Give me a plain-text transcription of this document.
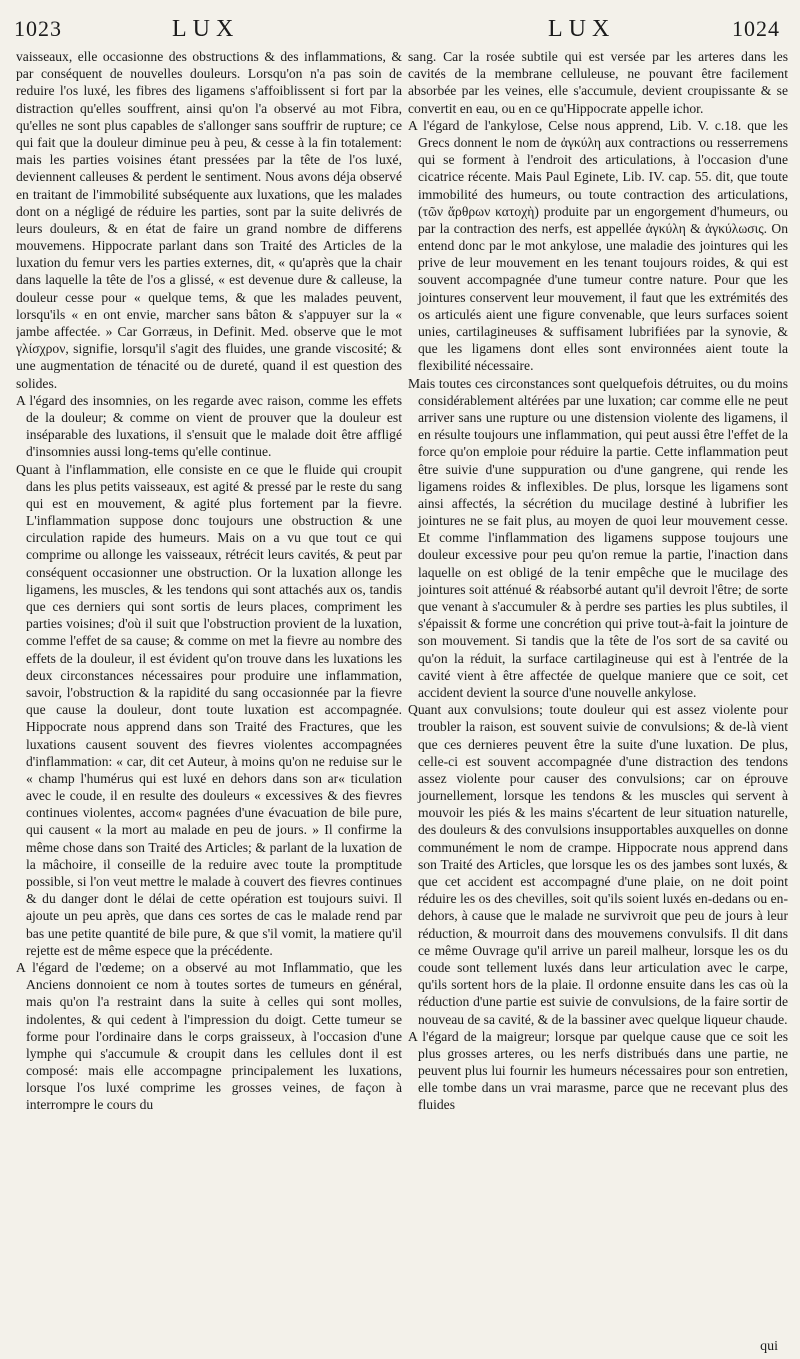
1023	LUX	LUX	1024

vaisseaux, elle occasionne des obstructions & des inflammations, & par conséquent de nouvelles douleurs. Lorsqu'on n'a pas soin de reduire l'os luxé, les fibres des ligamens s'affoiblissent si fort par la distraction qu'elles souffrent, ainsi qu'on l'a observé au mot Fibra, qu'elles ne sont plus capables de s'allonger sans souffrir de rupture; ce qui fait que la douleur diminue peu à peu, & cesse à la fin totalement: mais les parties voisines étant pressées par la tête de l'os luxé, deviennent calleuses & perdent le sentiment. Nous avons déja observé en traitant de l'immobilité subséquente aux luxations, que les malades dont on a négligé de réduire les parties, sont par la suite delivrés de leurs douleurs, & en état de faire un grand nombre de differens mouvemens. Hippocrate parlant dans son Traité des Articles de la luxation du femur vers les parties externes, dit, « qu'après que la chair dans laquelle la tête de l'os a glissé, « est devenue dure & calleuse, la douleur cesse pour « quelque tems, & que les malades peuvent, lorsqu'ils « en ont envie, marcher sans bâton & s'appuyer sur la « jambe affectée. » Car Gorræus, in Definit. Med. observe que le mot γλίσχρον, signifie, lorsqu'il s'agit des fluides, une grande viscosité; & une augmentation de ténacité ou de dureté, quand il est question des solides.

A l'égard des insomnies, on les regarde avec raison, comme les effets de la douleur; & comme on vient de prouver que la douleur est inséparable des luxations, il s'ensuit que le malade doit être affligé d'insomnies aussi long-tems qu'elle continue.

Quant à l'inflammation, elle consiste en ce que le fluide qui croupit dans les plus petits vaisseaux, est agité & pressé par le reste du sang qui est en mouvement, & agité plus fortement par la fievre. L'inflammation suppose donc toujours une obstruction & une circulation rapide des humeurs. Mais on a vu que tout ce qui comprime ou allonge les vaisseaux, rétrécit leurs cavités, & peut par conséquent occasionner une obstruction. Or la luxation allonge les ligamens, les muscles, & les tendons qui sont attachés aux os, tandis que ces derniers qui sont sortis de leurs places, compriment les parties voisines; d'où il suit que l'obstruction provient de la luxation, comme l'effet de sa cause; & comme on met la fievre au nombre des effets de la douleur, il est évident qu'on trouve dans les luxations les deux circonstances nécessaires pour produire une inflammation, savoir, l'obstruction & la rapidité du sang occasionnée par la fievre que cause la douleur, dont toute luxation est accompagnée. Hippocrate nous apprend dans son Traité des Fractures, que les luxations causent souvent des fievres violentes accompagnées d'inflammation: « car, dit cet Auteur, à moins qu'on ne reduise sur le « champ l'humérus qui est luxé en dehors dans son ar« ticulation avec le coude, il en resulte des douleurs « excessives & des fievres continues violentes, accom« pagnées d'une évacuation de bile pure, qui causent « la mort au malade en peu de jours. » Il confirme la même chose dans son Traité des Articles; & parlant de la luxation de la mâchoire, il conseille de la reduire avec toute la promptitude possible, si l'on veut mettre le malade à couvert des fievres continues & du danger dont le délai de cette opération est toujours suivi. Il ajoute un peu après, que dans ces sortes de cas le malade rend par bas une petite quantité de bile pure, & que s'il vomit, la matiere qu'il rejette est de même espece que la précédente.

A l'égard de l'œdeme; on a observé au mot Inflammatio, que les Anciens donnoient ce nom à toutes sortes de tumeurs en général, mais qu'on l'a restraint dans la suite à celles qui sont molles, indolentes, & qui cedent à l'impression du doigt. Cette tumeur se forme pour l'ordinaire dans le corps graisseux, à l'occasion d'une lymphe qui s'accumule & croupit dans les cellules dont il est composé: mais elle accompagne principalement les luxations, lorsque l'os luxé comprime les grosses veines, de façon à interrompre le cours du

sang. Car la rosée subtile qui est versée par les arteres dans les cavités de la membrane celluleuse, ne pouvant être facilement absorbée par les veines, elle s'accumule, devient croupissante & se convertit en eau, ou en ce qu'Hippocrate appelle ichor.

A l'égard de l'ankylose, Celse nous apprend, Lib. V. c.18. que les Grecs donnent le nom de ἀγκύλη aux contractions ou resserremens qui se forment à l'endroit des articulations, à l'occasion d'une cicatrice récente. Mais Paul Eginete, Lib. IV. cap. 55. dit, que toute immobilité des humeurs, ou toute contraction des articulations, (τῶν ἄρθρων κατοχὴ) produite par un engorgement d'humeurs, ou par la contraction des nerfs, est appellée ἀγκύλη & ἀγκύλωσις. On entend donc par le mot ankylose, une maladie des jointures qui les prive de leur mouvement en les tenant toujours roides, & qui est souvent accompagnée d'une tumeur contre nature. Pour que les jointures conservent leur mouvement, il faut que les extrémités des os articulés aient une figure convenable, que leurs surfaces soient unies, cartilagineuses & suffisament lubrifiées par la synovie, & que les ligamens dont elles sont environnées aient toute la flexibilité nécessaire.

Mais toutes ces circonstances sont quelquefois détruites, ou du moins considérablement altérées par une luxation; car comme elle ne peut arriver sans une rupture ou une distension violente des ligamens, il en résulte toujours une inflammation, qui peut aussi être l'effet de la force qu'on emploie pour réduire la partie. Cette inflammation peut être suivie d'une suppuration ou d'une gangrene, qui rende les ligamens roides & inflexibles. De plus, lorsque les ligamens sont ainsi affectés, la sécrétion du mucilage destiné à lubrifier les jointures ne se fait plus, au moyen de quoi leur mouvement cesse. Et comme l'inflammation des ligamens suppose toujours une douleur excessive pour peu qu'on remue la partie, l'inaction dans laquelle on est obligé de la tenir empêche que le mucilage des jointures soit atténué & réabsorbé autant qu'il devroit l'être; de sorte que venant à s'accumuler & à perdre ses parties les plus subtiles, il s'épaissit & forme une concrétion qui prive tout-à-fait la jointure de son mouvement. Si tandis que la tête de l'os sort de sa cavité ou qu'on la réduit, la surface cartilagineuse qui est à l'entrée de la cavité vient à être affectée de quelque maniere que ce soit, cet accident devient la source d'une nouvelle ankylose.

Quant aux convulsions; toute douleur qui est assez violente pour troubler la raison, est souvent suivie de convulsions; & de-là vient que ces dernieres peuvent être la suite d'une luxation. De plus, celle-ci est souvent accompagnée d'une distraction des tendons assez violente pour causer des convulsions; car on éprouve journellement, lorsque les tendons & les muscles qui servent à mouvoir les piés & les mains s'écartent de leur situation naturelle, des douleurs & des convulsions insupportables auxquelles on donne communément le nom de crampe. Hippocrate nous apprend dans son Traité des Articles, que lorsque les os des jambes sont luxés, & que cet accident est accompagné d'une plaie, on ne doit point réduire les os des chevilles, soit qu'ils soient luxés en-dedans ou en-dehors, à cause que le malade ne survivroit que peu de jours à leur réduction, & mourroit dans des mouvemens convulsifs. Il dit dans ce même Ouvrage qu'il arrive un pareil malheur, lorsque les os du coude sont tellement luxés dans leur articulation avec le carpe, qu'ils sortent hors de la plaie. Il ordonne ensuite dans les cas où la réduction d'une partie est suivie de convulsions, de la faire sortir de nouveau de sa cavité, & de la bassiner avec quelque liqueur chaude.

A l'égard de la maigreur; lorsque par quelque cause que ce soit les plus grosses arteres, ou les nerfs distribués dans une partie, ne peuvent plus lui fournir les humeurs nécessaires pour son entretien, elle tombe dans un vrai marasme, parce que ne recevant plus des fluides

qui
